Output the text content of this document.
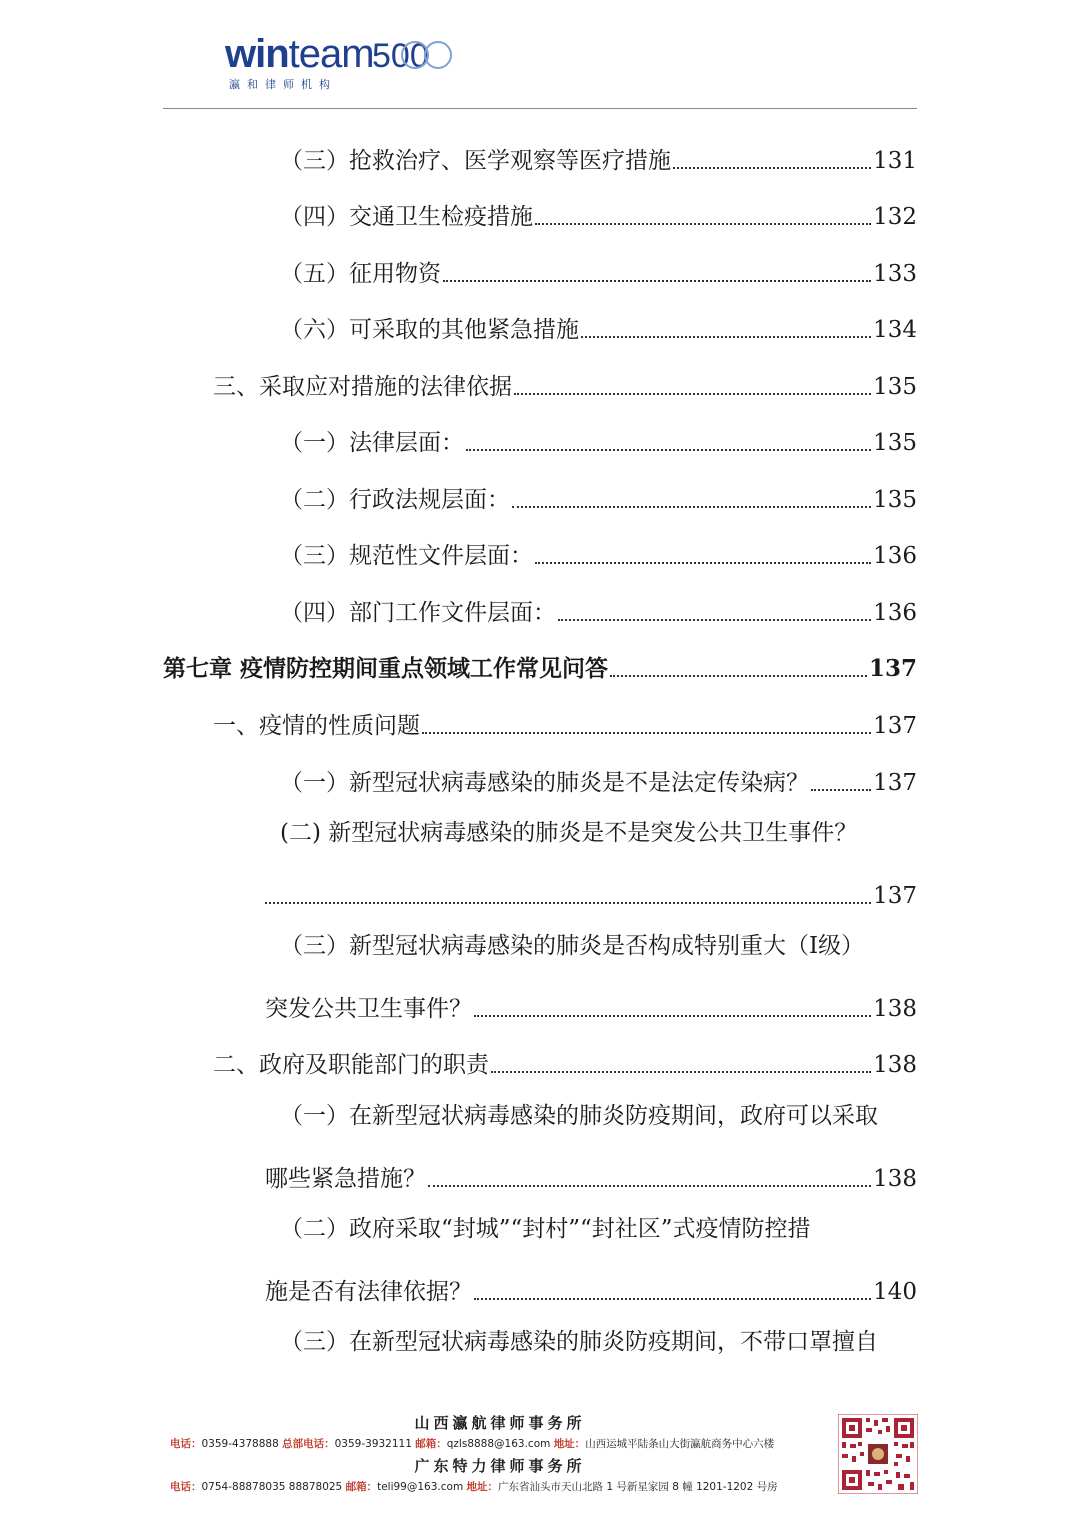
winteam
500
瀛和律师机构
（三）抢救治疗、医学观察等医疗措施	131
（四）交通卫生检疫措施	132
（五）征用物资	133
（六）可采取的其他紧急措施	134
三、采取应对措施的法律依据	135
（一）法律层面：	135
（二）行政法规层面：	135
（三）规范性文件层面：	136
（四）部门工作文件层面：	136
第七章 疫情防控期间重点领域工作常见问答	137
一、疫情的性质问题	137
（一）新型冠状病毒感染的肺炎是不是法定传染病？	137
(二) 新型冠状病毒感染的肺炎是不是突发公共卫生事件？
137
（三）新型冠状病毒感染的肺炎是否构成特别重大（Ⅰ级）
突发公共卫生事件？	138
二、政府及职能部门的职责	138
（一）在新型冠状病毒感染的肺炎防疫期间，政府可以采取
哪些紧急措施？	138
（二）政府采取“封城”“封村”“封社区”式疫情防控措
施是否有法律依据？	140
（三）在新型冠状病毒感染的肺炎防疫期间，不带口罩擅自
山西瀛航律师事务所
电话：0359-4378888 总部电话：0359-3932111 邮箱：qzls8888@163.com 地址：山西运城平陆条山大街瀛航商务中心六楼
广东特力律师事务所
电话：0754-88878035 88878025 邮箱：teli99@163.com 地址：广东省汕头市天山北路 1 号新星家园 8 幢 1201-1202 号房
